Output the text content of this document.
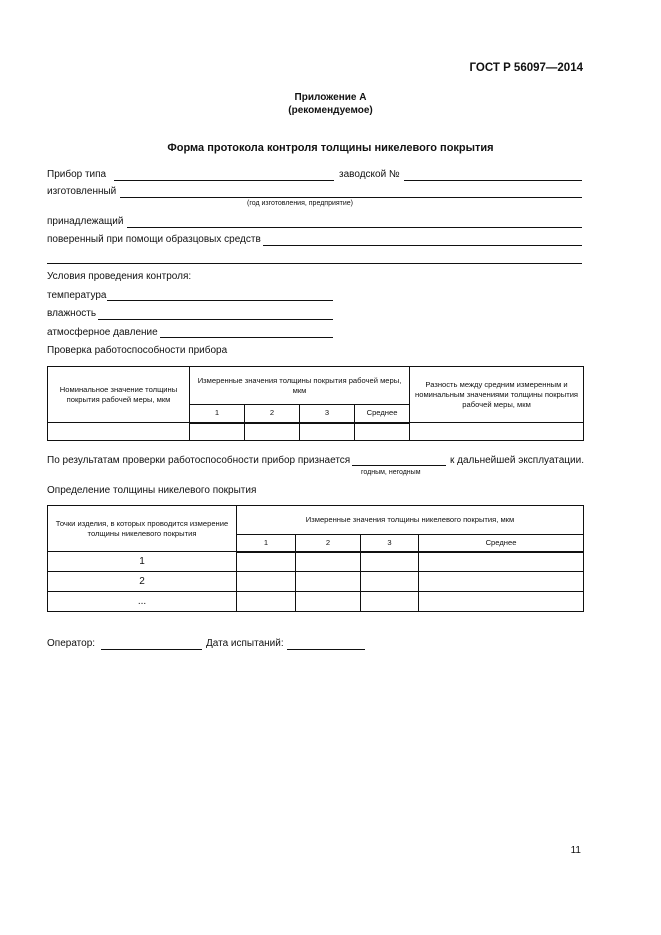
ГОСТ Р 56097—2014
Приложение А
(рекомендуемое)
Форма протокола контроля толщины никелевого покрытия
Прибор типа	заводской №
изготовленный
(год изготовления, предприятие)
принадлежащий
поверенный при помощи образцовых средств
Условия проведения контроля:
температура
влажность
атмосферное давление
Проверка работоспособности прибора
Номинальное значение толщины покрытия рабочей меры, мкм	Измеренные значения толщины покрытия рабочей меры, мкм				Разность между средним измеренным и номинальным значениями толщины покрытия рабочей меры, мкм
	1	2	3	Среднее	

По результатам проверки работоспособности прибор признается	к дальнейшей эксплуатации.
годным, негодным
Определение толщины никелевого покрытия
Точки изделия, в которых проводится измерение толщины никелевого покрытия	Измеренные значения толщины никелевого покрытия, мкм			
	1	2	3	Среднее
1				
2				
...				
Оператор:	Дата испытаний:
11
